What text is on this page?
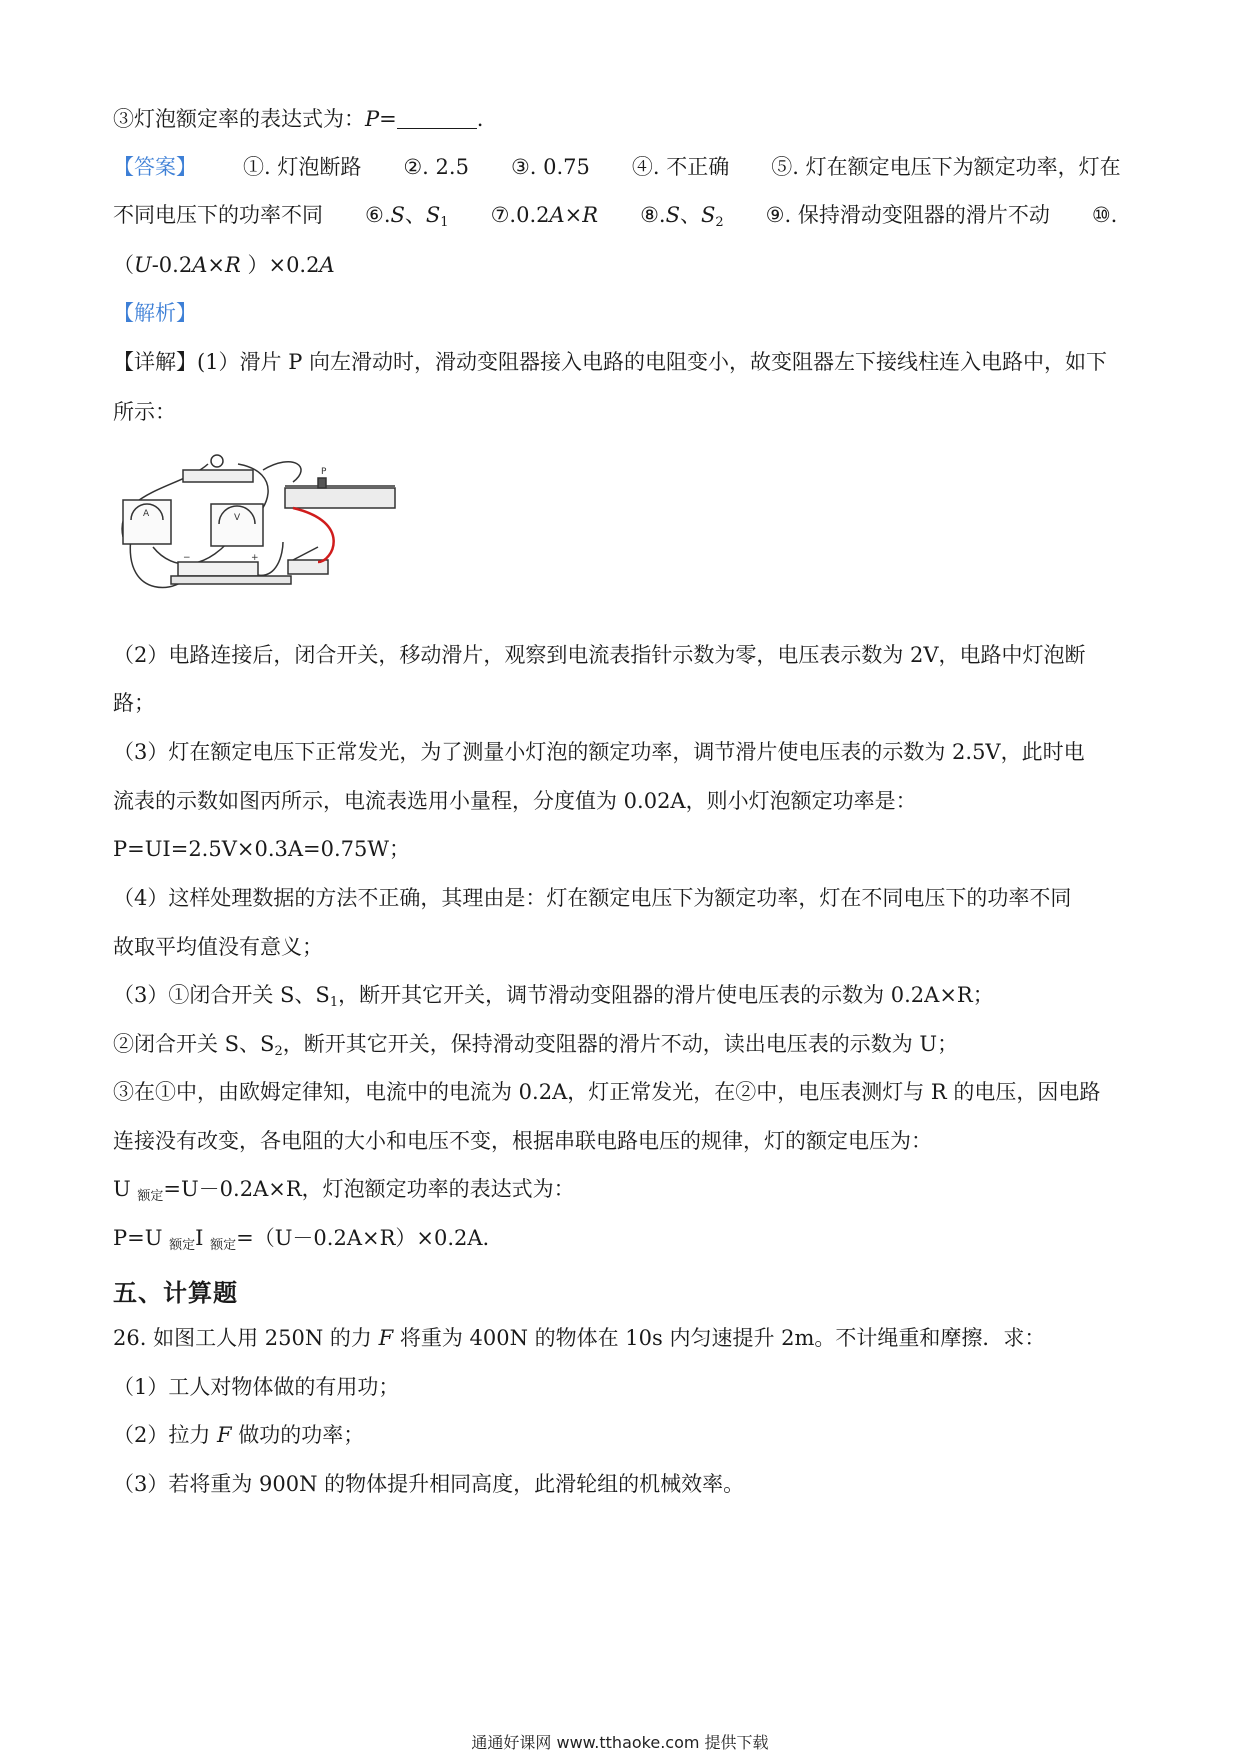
③灯泡额定率的表达式为：P=	.
【答案】 ①. 灯泡断路 ②. 2.5 ③. 0.75 ④. 不正确 ⑤. 灯在额定电压下为额定功率，灯在
不同电压下的功率不同 ⑥.S、$S_1$ ⑦.0.2A×R ⑧.S、$S_2$ ⑨. 保持滑动变阻器的滑片不动 ⑩.
（U-0.2A×R ）×0.2A
【解析】
【详解】(1）滑片 P 向左滑动时，滑动变阻器接入电路的电阻变小，故变阻器左下接线柱连入电路中，如下
所示：
P
A	V
−	+
（2）电路连接后，闭合开关，移动滑片，观察到电流表指针示数为零，电压表示数为 2V，电路中灯泡断
路；
（3）灯在额定电压下正常发光，为了测量小灯泡的额定功率，调节滑片使电压表的示数为 2.5V，此时电
流表的示数如图丙所示，电流表选用小量程，分度值为 0.02A，则小灯泡额定功率是：
P=UI=2.5V×0.3A=0.75W；
（4）这样处理数据的方法不正确，其理由是：灯在额定电压下为额定功率，灯在不同电压下的功率不同
故取平均值没有意义；
（3）①闭合开关 S、$S_1$，断开其它开关，调节滑动变阻器的滑片使电压表的示数为 0.2A×R；
②闭合开关 S、$S_2$，断开其它开关，保持滑动变阻器的滑片不动，读出电压表的示数为 U；
③在①中，由欧姆定律知，电流中的电流为 0.2A，灯正常发光，在②中，电压表测灯与 R 的电压，因电路
连接没有改变，各电阻的大小和电压不变，根据串联电路电压的规律，灯的额定电压为：
U $_{额定}$=U－0.2A×R，灯泡额定功率的表达式为：
P=U $_{额定}$I $_{额定}$=（U－0.2A×R）×0.2A.
五、计算题
26. 如图工人用 250N 的力 F 将重为 400N 的物体在 10s 内匀速提升 2m。不计绳重和摩擦．求：
（1）工人对物体做的有用功；
（2）拉力 F 做功的功率；
（3）若将重为 900N 的物体提升相同高度，此滑轮组的机械效率。
通通好课网 www.tthaoke.com 提供下载
